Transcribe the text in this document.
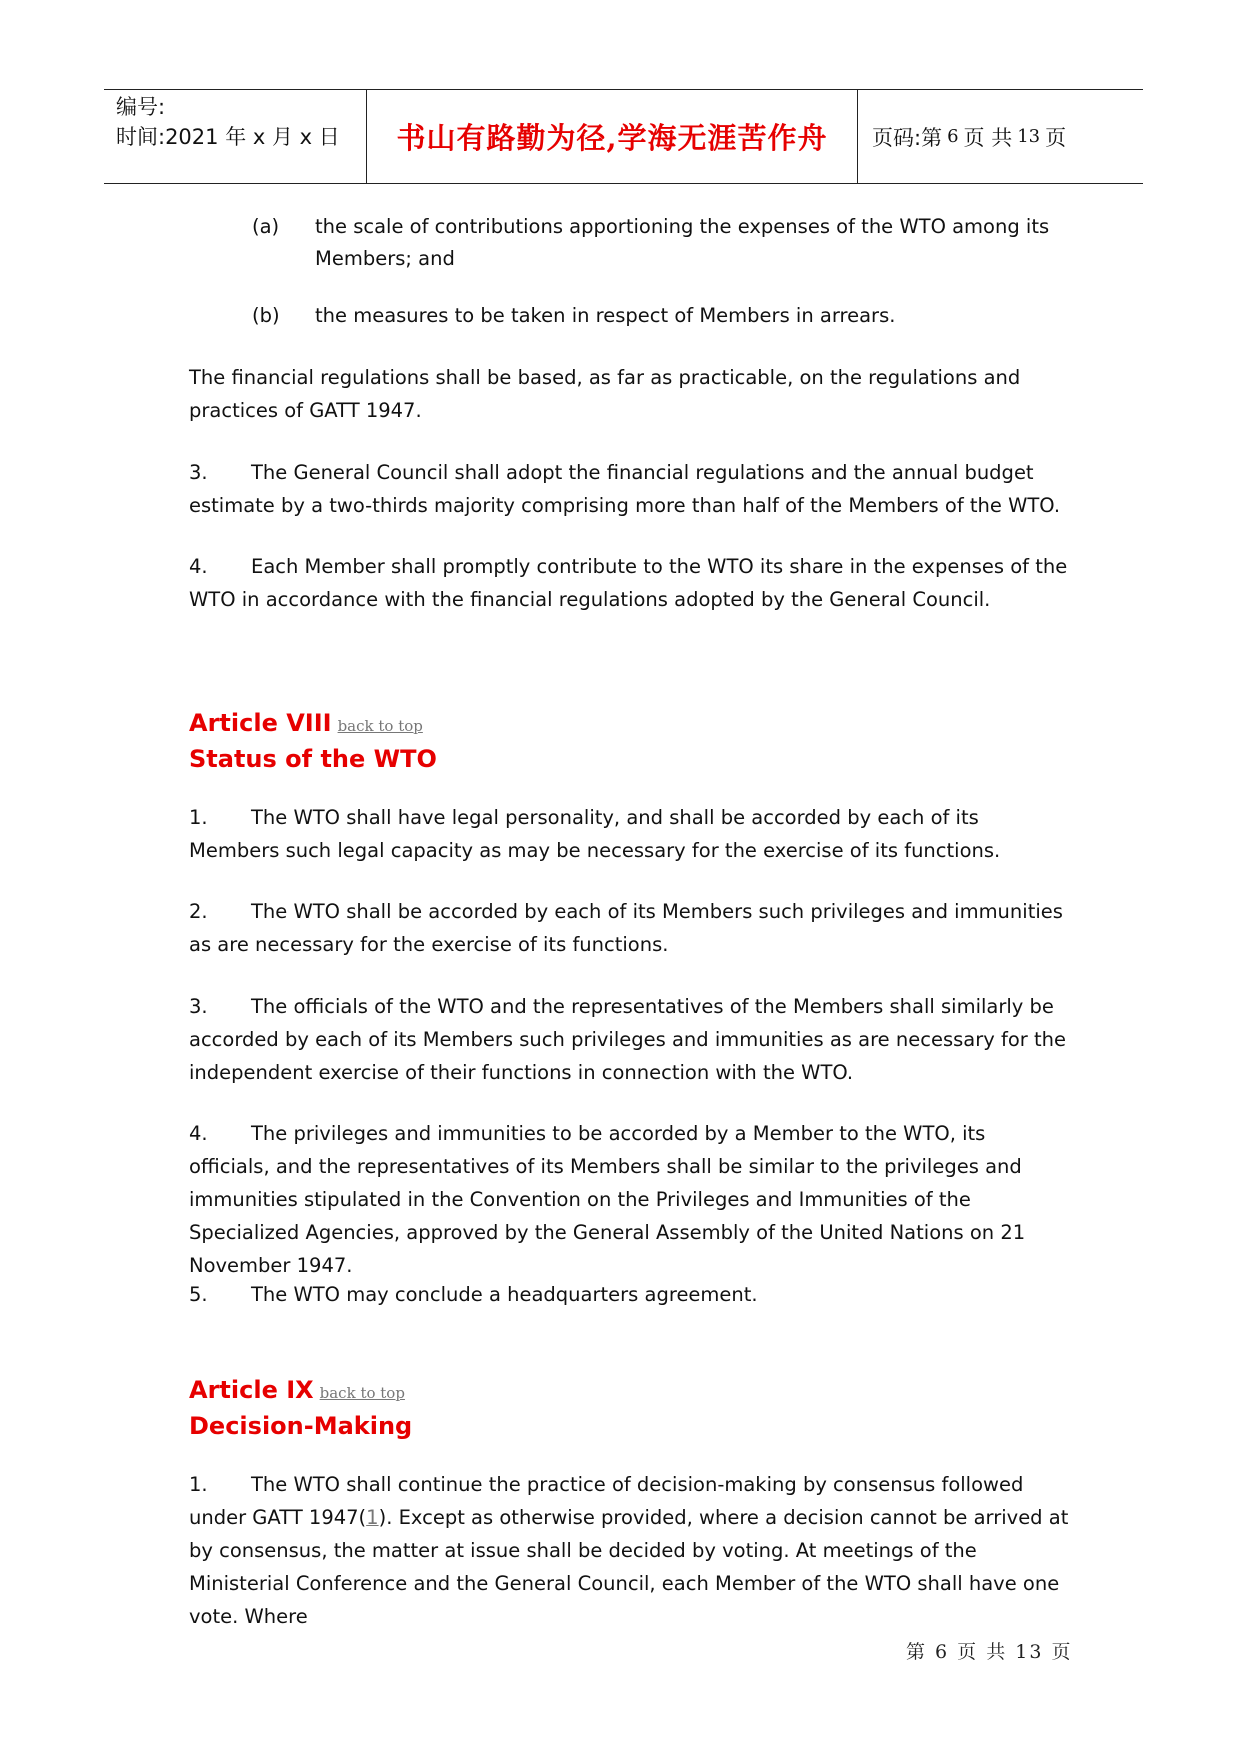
编号:
时间:2021 年 x 月 x 日	书山有路勤为径,学海无涯苦作舟	页码:第 6 页 共 13 页
(a) the scale of contributions apportioning the expenses of the WTO among its Members; and
(b) the measures to be taken in respect of Members in arrears.
The financial regulations shall be based, as far as practicable, on the regulations and practices of GATT 1947.
3. The General Council shall adopt the financial regulations and the annual budget estimate by a two-thirds majority comprising more than half of the Members of the WTO.
4. Each Member shall promptly contribute to the WTO its share in the expenses of the WTO in accordance with the financial regulations adopted by the General Council.
Article VIII back to top
Status of the WTO
1. The WTO shall have legal personality, and shall be accorded by each of its Members such legal capacity as may be necessary for the exercise of its functions.
2. The WTO shall be accorded by each of its Members such privileges and immunities as are necessary for the exercise of its functions.
3. The officials of the WTO and the representatives of the Members shall similarly be accorded by each of its Members such privileges and immunities as are necessary for the independent exercise of their functions in connection with the WTO.
4. The privileges and immunities to be accorded by a Member to the WTO, its officials, and the representatives of its Members shall be similar to the privileges and immunities stipulated in the Convention on the Privileges and Immunities of the Specialized Agencies, approved by the General Assembly of the United Nations on 21 November 1947.
5. The WTO may conclude a headquarters agreement.
Article IX back to top
Decision-Making
1. The WTO shall continue the practice of decision-making by consensus followed under GATT 1947(1). Except as otherwise provided, where a decision cannot be arrived at by consensus, the matter at issue shall be decided by voting. At meetings of the Ministerial Conference and the General Council, each Member of the WTO shall have one vote. Where
第 6 页 共 13 页
